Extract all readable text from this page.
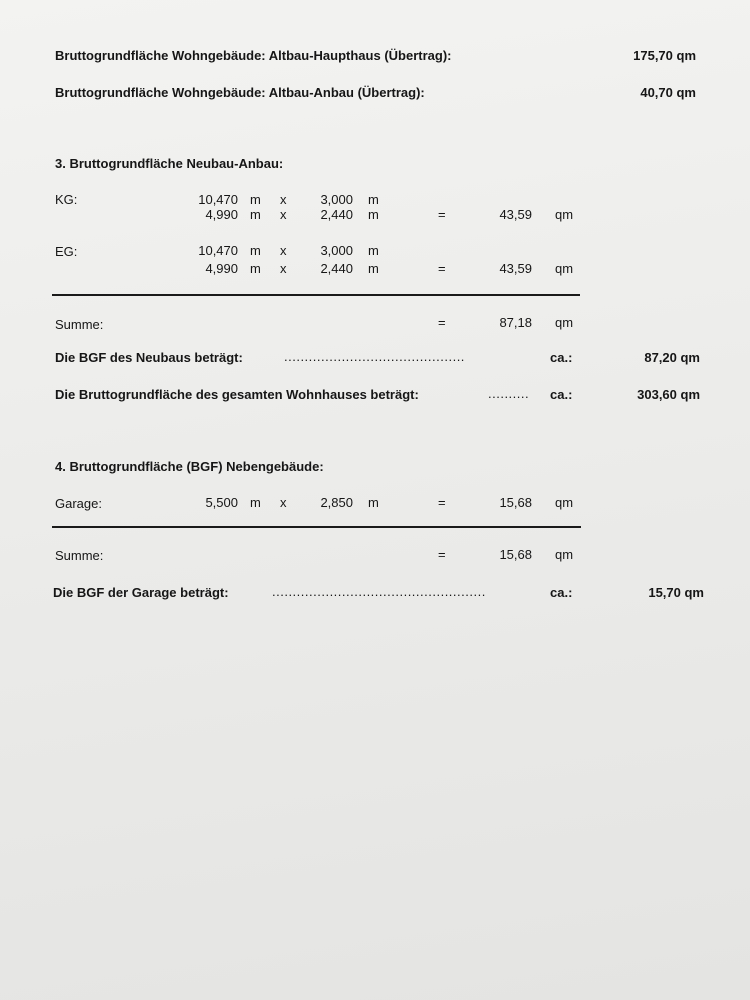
Bruttogrundfläche Wohngebäude: Altbau-Haupthaus (Übertrag):	175,70 qm
Bruttogrundfläche Wohngebäude: Altbau-Anbau (Übertrag):	40,70 qm
3. Bruttogrundfläche Neubau-Anbau:
KG:	10,470 m x	3,000 m
4,990 m x	2,440 m	=	43,59 qm
EG:	10,470 m x	3,000 m
4,990 m x	2,440 m	=	43,59 qm
Summe:	=	87,18 qm
Die BGF des Neubaus beträgt:	............................................	ca.:	87,20 qm
Die Bruttogrundfläche des gesamten Wohnhauses beträgt:	.......... ca.:	303,60 qm
4. Bruttogrundfläche (BGF) Nebengebäude:
Garage:	5,500 m x	2,850 m	=	15,68 qm
Summe:	=	15,68 qm
Die BGF der Garage beträgt:	....................................................	ca.:	15,70 qm
